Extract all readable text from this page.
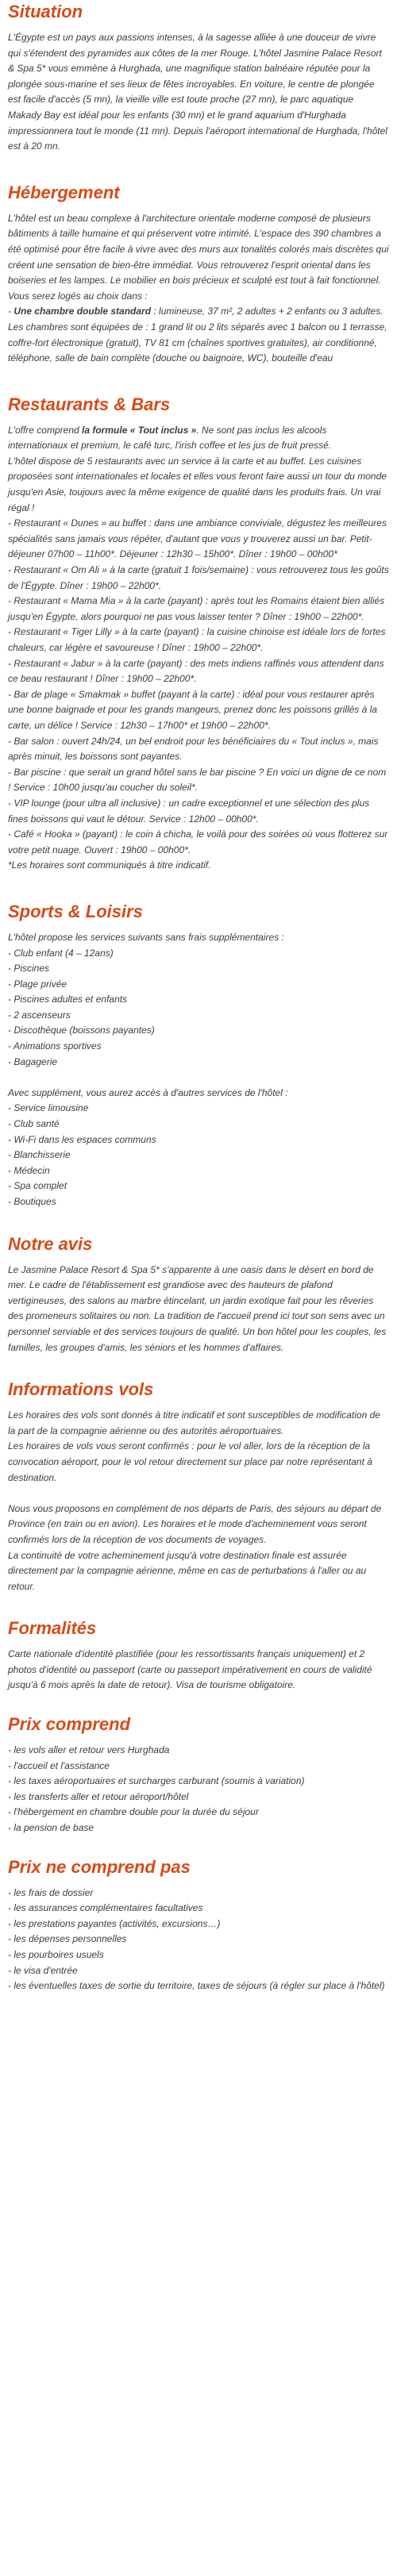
Situation

L'Égypte est un pays aux passions intenses, à la sagesse alliée à une douceur de vivre qui s'étendent des pyramides aux côtes de la mer Rouge. L'hôtel Jasmine Palace Resort & Spa 5* vous emmène à Hurghada, une magnifique station balnéaire réputée pour la plongée sous-marine et ses lieux de fêtes incroyables. En voiture, le centre de plongée est facile d'accès (5 mn), la vieille ville est toute proche (27 mn), le parc aquatique Makady Bay est idéal pour les enfants (30 mn) et le grand aquarium d'Hurghada impressionnera tout le monde (11 mn). Depuis l'aéroport international de Hurghada, l'hôtel est à 20 mn.

Hébergement

L'hôtel est un beau complexe à l'architecture orientale moderne composé de plusieurs bâtiments à taille humaine et qui préservent votre intimité. L'espace des 390 chambres a été optimisé pour être facile à vivre avec des murs aux tonalités colorés mais discrètes qui créent une sensation de bien-être immédiat. Vous retrouverez l'esprit oriental dans les boiseries et les lampes. Le mobilier en bois précieux et sculpté est tout à fait fonctionnel. Vous serez logés au choix dans :

- Une chambre double standard : lumineuse, 37 m², 2 adultes + 2 enfants ou 3 adultes.

Les chambres sont équipées de : 1 grand lit ou 2 lits séparés avec 1 balcon ou 1 terrasse, coffre-fort électronique (gratuit), TV 81 cm (chaînes sportives gratuites), air conditionné, téléphone, salle de bain complète (douche ou baignoire, WC), bouteille d'eau

Restaurants & Bars

L'offre comprend la formule « Tout inclus ». Ne sont pas inclus les alcools internationaux et premium, le café turc, l'irish coffee et les jus de fruit pressé.

L'hôtel dispose de 5 restaurants avec un service à la carte et au buffet. Les cuisines proposées sont internationales et locales et elles vous feront faire aussi un tour du monde jusqu'en Asie, toujours avec la même exigence de qualité dans les produits frais. Un vrai régal !

- Restaurant « Dunes » au buffet : dans une ambiance conviviale, dégustez les meilleures spécialités sans jamais vous répéter, d'autant que vous y trouverez aussi un bar. Petit-déjeuner 07h00 – 11h00*. Déjeuner : 12h30 – 15h00*. Dîner : 19h00 – 00h00*

- Restaurant « Om Ali » à la carte (gratuit 1 fois/semaine) : vous retrouverez tous les goûts de l'Égypte. Dîner : 19h00 – 22h00*.

- Restaurant « Mama Mia » à la carte (payant) : après tout les Romains étaient bien alliés jusqu'en Égypte, alors pourquoi ne pas vous laisser tenter ? Dîner : 19h00 – 22h00*.

- Restaurant « Tiger Lilly » à la carte (payant) : la cuisine chinoise est idéale lors de fortes chaleurs, car légère et savoureuse ! Dîner : 19h00 – 22h00*.

- Restaurant « Jabur » à la carte (payant) : des mets indiens raffinés vous attendent dans ce beau restaurant ! Dîner : 19h00 – 22h00*.

- Bar de plage « Smakmak » buffet (payant à la carte) : idéal pour vous restaurer après une bonne baignade et pour les grands mangeurs, prenez donc les poissons grillés à la carte, un délice ! Service : 12h30 – 17h00* et 19h00 – 22h00*.

- Bar salon : ouvert 24h/24, un bel endroit pour les bénéficiaires du « Tout inclus », mais après minuit, les boissons sont payantes.

- Bar piscine : que serait un grand hôtel sans le bar piscine ? En voici un digne de ce nom ! Service : 10h00 jusqu'au coucher du soleil*.

- VIP lounge (pour ultra all inclusive) : un cadre exceptionnel et une sélection des plus fines boissons qui vaut le détour. Service : 12h00 – 00h00*.

- Café « Hooka » (payant) : le coin à chicha, le voilà pour des soirées où vous flotterez sur votre petit nuage. Ouvert : 19h00 – 00h00*.

*Les horaires sont communiqués à titre indicatif.

Sports & Loisirs

L'hôtel propose les services suivants sans frais supplémentaires :

- Club enfant (4 – 12ans)

- Piscines

- Plage privée

- Piscines adultes et enfants

- 2 ascenseurs

- Discothèque (boissons payantes)

- Animations sportives

- Bagagerie

Avec supplément, vous aurez accès à d'autres services de l'hôtel :

- Service limousine

- Club santé

- Wi-Fi dans les espaces communs

- Blanchisserie

- Médecin

- Spa complet

- Boutiques

Notre avis

Le Jasmine Palace Resort & Spa 5* s'apparente à une oasis dans le désert en bord de mer. Le cadre de l'établissement est grandiose avec des hauteurs de plafond vertigineuses, des salons au marbre étincelant, un jardin exotique fait pour les rêveries des promeneurs solitaires ou non. La tradition de l'accueil prend ici tout son sens avec un personnel serviable et des services toujours de qualité. Un bon hôtel pour les couples, les familles, les groupes d'amis, les séniors et les hommes d'affaires.

Informations vols

Les horaires des vols sont donnés à titre indicatif et sont susceptibles de modification de la part de la compagnie aérienne ou des autorités aéroportuaires.

Les horaires de vols vous seront confirmés : pour le vol aller, lors de la réception de la convocation aéroport, pour le vol retour directement sur place par notre représentant à destination.

Nous vous proposons en complément de nos départs de Paris, des séjours au départ de Province (en train ou en avion). Les horaires et le mode d'acheminement vous seront confirmés lors de la réception de vos documents de voyages.

La continuité de votre acheminement jusqu'à votre destination finale est assurée directement par la compagnie aérienne, même en cas de perturbations à l'aller ou au retour.

Formalités

Carte nationale d'identité plastifiée (pour les ressortissants français uniquement) et 2 photos d'identité ou passeport (carte ou passeport impérativement en cours de validité jusqu'à 6 mois après la date de retour). Visa de tourisme obligatoire.

Prix comprend

- les vols aller et retour vers Hurghada

- l'accueil et l'assistance

- les taxes aéroportuaires et surcharges carburant (soumis à variation)

- les transferts aller et retour aéroport/hôtel

- l'hébergement en chambre double pour la durée du séjour

- la pension de base

Prix ne comprend pas

- les frais de dossier

- les assurances complémentaires facultatives

- les prestations payantes (activités, excursions…)

- les dépenses personnelles

- les pourboires usuels

- le visa d'entrée

- les éventuelles taxes de sortie du territoire, taxes de séjours (à régler sur place à l'hôtel)
